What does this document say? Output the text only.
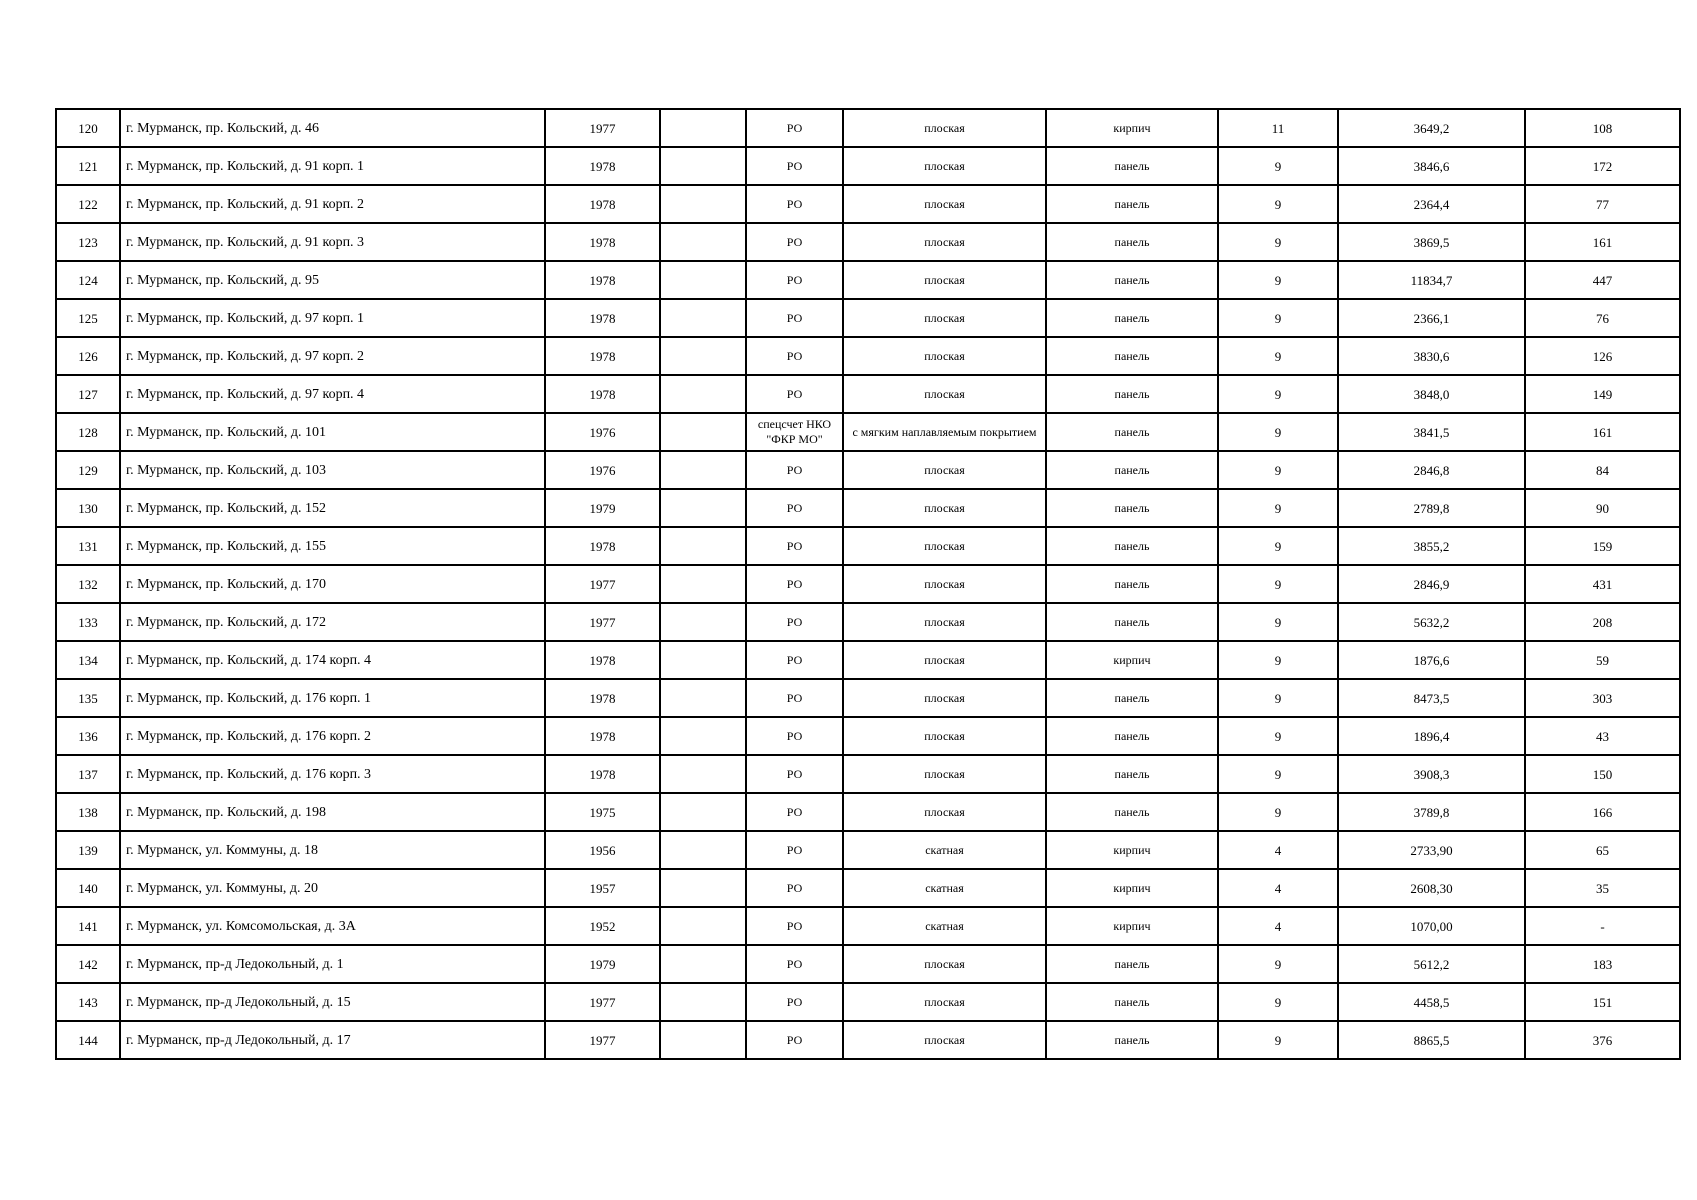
120	г. Мурманск, пр. Кольский, д. 46	1977		РО	плоская	кирпич	11	3649,2	108
121	г. Мурманск, пр. Кольский, д. 91 корп. 1	1978		РО	плоская	панель	9	3846,6	172
122	г. Мурманск, пр. Кольский, д. 91 корп. 2	1978		РО	плоская	панель	9	2364,4	77
123	г. Мурманск, пр. Кольский, д. 91 корп. 3	1978		РО	плоская	панель	9	3869,5	161
124	г. Мурманск, пр. Кольский, д. 95	1978		РО	плоская	панель	9	11834,7	447
125	г. Мурманск, пр. Кольский, д. 97 корп. 1	1978		РО	плоская	панель	9	2366,1	76
126	г. Мурманск, пр. Кольский, д. 97 корп. 2	1978		РО	плоская	панель	9	3830,6	126
127	г. Мурманск, пр. Кольский, д. 97 корп. 4	1978		РО	плоская	панель	9	3848,0	149
128	г. Мурманск, пр. Кольский, д. 101	1976		спецсчет НКО "ФКР МО"	с мягким наплавляемым покрытием	панель	9	3841,5	161
129	г. Мурманск, пр. Кольский, д. 103	1976		РО	плоская	панель	9	2846,8	84
130	г. Мурманск, пр. Кольский, д. 152	1979		РО	плоская	панель	9	2789,8	90
131	г. Мурманск, пр. Кольский, д. 155	1978		РО	плоская	панель	9	3855,2	159
132	г. Мурманск, пр. Кольский, д. 170	1977		РО	плоская	панель	9	2846,9	431
133	г. Мурманск, пр. Кольский, д. 172	1977		РО	плоская	панель	9	5632,2	208
134	г. Мурманск, пр. Кольский, д. 174 корп. 4	1978		РО	плоская	кирпич	9	1876,6	59
135	г. Мурманск, пр. Кольский, д. 176 корп. 1	1978		РО	плоская	панель	9	8473,5	303
136	г. Мурманск, пр. Кольский, д. 176 корп. 2	1978		РО	плоская	панель	9	1896,4	43
137	г. Мурманск, пр. Кольский, д. 176 корп. 3	1978		РО	плоская	панель	9	3908,3	150
138	г. Мурманск, пр. Кольский, д. 198	1975		РО	плоская	панель	9	3789,8	166
139	г. Мурманск, ул. Коммуны, д. 18	1956		РО	скатная	кирпич	4	2733,90	65
140	г. Мурманск, ул. Коммуны, д. 20	1957		РО	скатная	кирпич	4	2608,30	35
141	г. Мурманск, ул. Комсомольская, д. 3А	1952		РО	скатная	кирпич	4	1070,00	-
142	г. Мурманск, пр-д Ледокольный, д. 1	1979		РО	плоская	панель	9	5612,2	183
143	г. Мурманск, пр-д Ледокольный, д. 15	1977		РО	плоская	панель	9	4458,5	151
144	г. Мурманск, пр-д Ледокольный, д. 17	1977		РО	плоская	панель	9	8865,5	376
